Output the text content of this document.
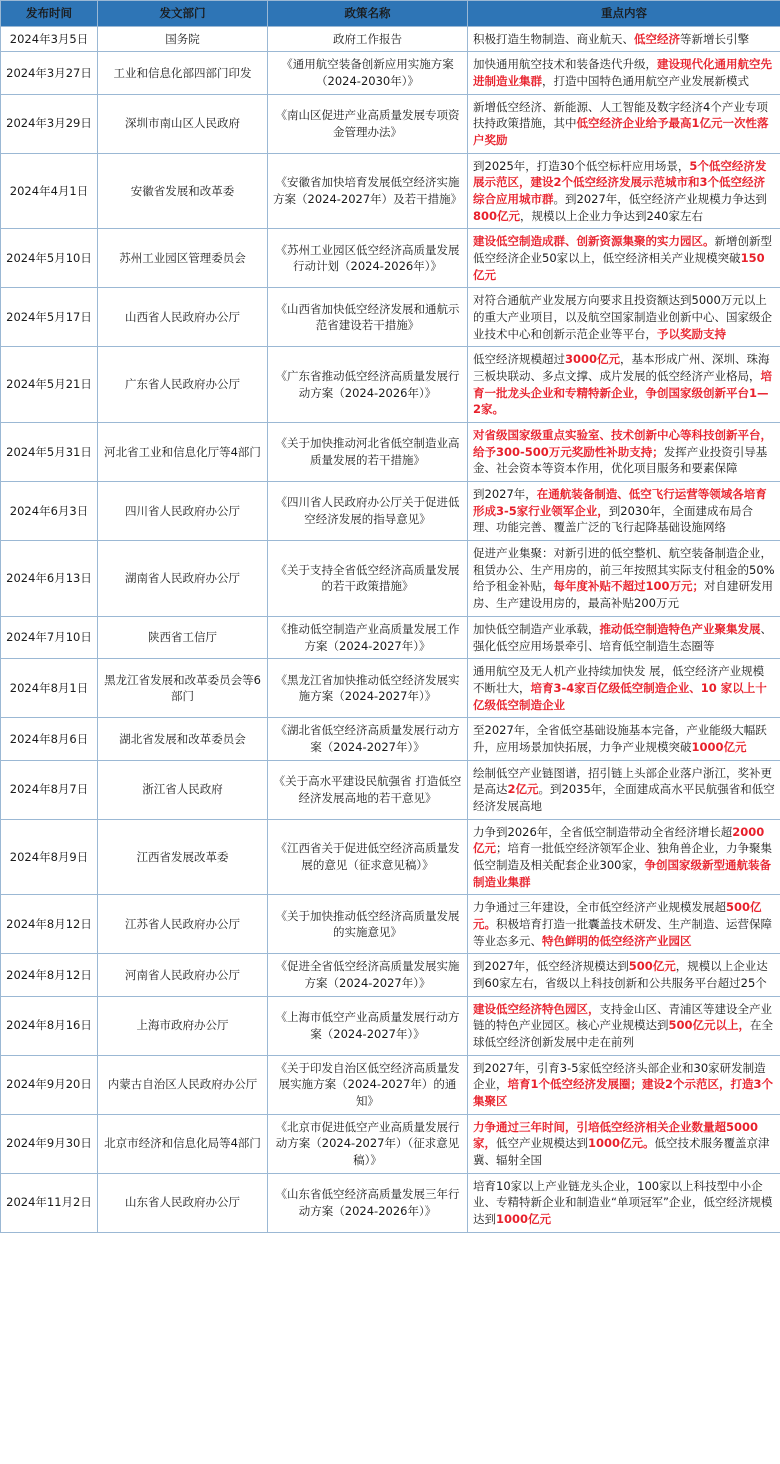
发布时间	发文部门	政策名称	重点内容
2024年3月5日	国务院	政府工作报告	积极打造生物制造、商业航天、低空经济等新增长引擎
2024年3月27日	工业和信息化部四部门印发	《通用航空装备创新应用实施方案（2024-2030年）》	加快通用航空技术和装备迭代升级，建设现代化通用航空先进制造业集群，打造中国特色通用航空产业发展新模式
2024年3月29日	深圳市南山区人民政府	《南山区促进产业高质量发展专项资金管理办法》	新增低空经济、新能源、人工智能及数字经济4个产业专项扶持政策措施，其中低空经济企业给予最高1亿元一次性落户奖励
2024年4月1日	安徽省发展和改革委	《安徽省加快培育发展低空经济实施方案（2024-2027年）及若干措施》	到2025年，打造30个低空标杆应用场景，5个低空经济发展示范区，建设2个低空经济发展示范城市和3个低空经济综合应用城市群。到2027年，低空经济产业规模力争达到800亿元，规模以上企业力争达到240家左右
2024年5月10日	苏州工业园区管理委员会	《苏州工业园区低空经济高质量发展行动计划（2024-2026年）》	建设低空制造成群、创新资源集聚的实力园区。新增创新型低空经济企业50家以上，低空经济相关产业规模突破150亿元
2024年5月17日	山西省人民政府办公厅	《山西省加快低空经济发展和通航示范省建设若干措施》	对符合通航产业发展方向要求且投资额达到5000万元以上的重大产业项目，以及航空国家制造业创新中心、国家级企业技术中心和创新示范企业等平台，予以奖励支持
2024年5月21日	广东省人民政府办公厅	《广东省推动低空经济高质量发展行动方案（2024-2026年）》	低空经济规模超过3000亿元，基本形成广州、深圳、珠海三板块联动、多点文撑、成片发展的低空经济产业格局，培育一批龙头企业和专精特新企业，争创国家级创新平台1—2家。
2024年5月31日	河北省工业和信息化厅等4部门	《关于加快推动河北省低空制造业高质量发展的若干措施》	对省级国家级重点实验室、技术创新中心等科技创新平台，给予300-500万元奖励性补助支持；发挥产业投资引导基金、社会资本等资本作用，优化项目服务和要素保障
2024年6月3日	四川省人民政府办公厅	《四川省人民政府办公厅关于促进低空经济发展的指导意见》	到2027年，在通航装备制造、低空飞行运营等领域各培育形成3-5家行业领军企业，到2030年，全面建成布局合理、功能完善、覆盖广泛的飞行起降基础设施网络
2024年6月13日	湖南省人民政府办公厅	《关于支持全省低空经济高质量发展的若干政策措施》	促进产业集聚：对新引进的低空整机、航空装备制造企业，租赁办公、生产用房的，前三年按照其实际支付租金的50%给予租金补贴，每年度补贴不超过100万元；对自建研发用房、生产建设用房的，最高补贴200万元
2024年7月10日	陕西省工信厅	《推动低空制造产业高质量发展工作方案（2024-2027年）》	加快低空制造产业承载，推动低空制造特色产业聚集发展、强化低空应用场景牵引、培育低空制造生态圈等
2024年8月1日	黑龙江省发展和改革委员会等6部门	《黑龙江省加快推动低空经济发展实施方案（2024-2027年）》	通用航空及无人机产业持续加快发 展，低空经济产业规模不断壮大，培育3-4家百亿级低空制造企业、10 家以上十亿级低空制造企业
2024年8月6日	湖北省发展和改革委员会	《湖北省低空经济高质量发展行动方案（2024-2027年）》	至2027年，全省低空基础设施基本完备，产业能级大幅跃升，应用场景加快拓展，力争产业规模突破1000亿元
2024年8月7日	浙江省人民政府	《关于高水平建设民航强省 打造低空经济发展高地的若干意见》	绘制低空产业链图谱，招引链上头部企业落户浙江，奖补更是高达2亿元。到2035年，全面建成高水平民航强省和低空经济发展高地
2024年8月9日	江西省发展改革委	《江西省关于促进低空经济高质量发展的意见（征求意见稿）》	力争到2026年，全省低空制造带动全省经济增长超2000亿元；培育一批低空经济领军企业、独角兽企业，力争聚集低空制造及相关配套企业300家，争创国家级新型通航装备制造业集群
2024年8月12日	江苏省人民政府办公厅	《关于加快推动低空经济高质量发展的实施意见》	力争通过三年建设，全市低空经济产业规模发展超500亿元。积极培育打造一批囊盖技术研发、生产制造、运营保障等业态多元、特色鲜明的低空经济产业园区
2024年8月12日	河南省人民政府办公厅	《促进全省低空经济高质量发展实施方案（2024-2027年）》	到2027年，低空经济规模达到500亿元，规模以上企业达到60家左右，省级以上科技创新和公共服务平台超过25个
2024年8月16日	上海市政府办公厅	《上海市低空产业高质量发展行动方案（2024-2027年）》	建设低空经济特色园区，支持金山区、青浦区等建设全产业链的特色产业园区。核心产业规模达到500亿元以上，在全球低空经济创新发展中走在前列
2024年9月20日	内蒙古自治区人民政府办公厅	《关于印发自治区低空经济高质量发展实施方案（2024-2027年）的通知》	到2027年，引育3-5家低空经济头部企业和30家研发制造企业，培育1个低空经济发展圈；建设2个示范区，打造3个集聚区
2024年9月30日	北京市经济和信息化局等4部门	《北京市促进低空产业高质量发展行动方案（2024-2027年）（征求意见稿）》	力争通过三年时间，引培低空经济相关企业数量超5000家，低空产业规模达到1000亿元。低空技术服务覆盖京津冀、辐射全国
2024年11月2日	山东省人民政府办公厅	《山东省低空经济高质量发展三年行动方案（2024-2026年）》	培育10家以上产业链龙头企业，100家以上科技型中小企业、专精特新企业和制造业“单项冠军”企业，低空经济规模达到1000亿元
